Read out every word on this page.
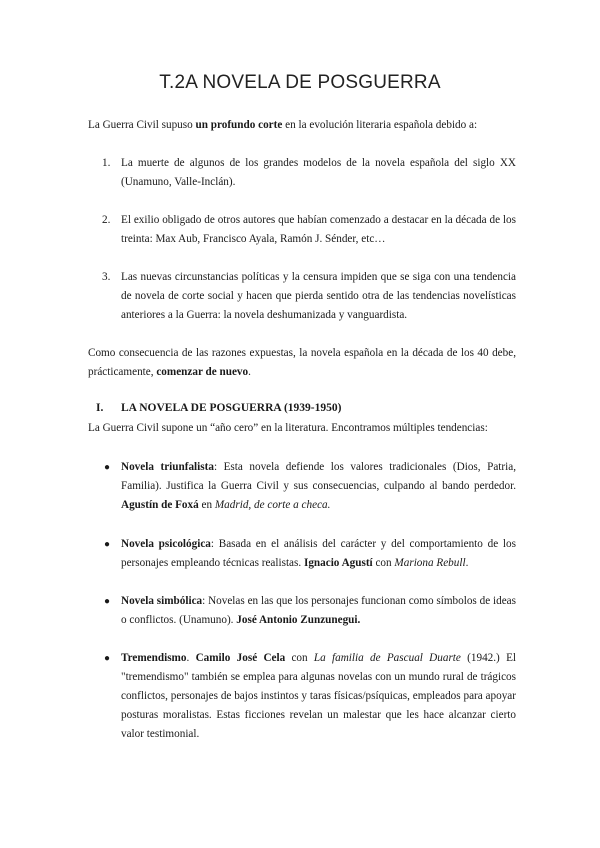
T.2A NOVELA DE POSGUERRA

La Guerra Civil supuso un profundo corte en la evolución literaria española debido a:

1. La muerte de algunos de los grandes modelos de la novela española del siglo XX (Unamuno, Valle-Inclán).
2. El exilio obligado de otros autores que habían comenzado a destacar en la década de los treinta: Max Aub, Francisco Ayala, Ramón J. Sénder, etc…
3. Las nuevas circunstancias políticas y la censura impiden que se siga con una tendencia de novela de corte social y hacen que pierda sentido otra de las tendencias novelísticas anteriores a la Guerra: la novela deshumanizada y vanguardista.

Como consecuencia de las razones expuestas, la novela española en la década de los 40 debe, prácticamente, comenzar de nuevo.

I. LA NOVELA DE POSGUERRA (1939-1950)

La Guerra Civil supone un “año cero” en la literatura. Encontramos múltiples tendencias:

● Novela triunfalista: Esta novela defiende los valores tradicionales (Dios, Patria, Familia). Justifica la Guerra Civil y sus consecuencias, culpando al bando perdedor. Agustín de Foxá en Madrid, de corte a checa.
● Novela psicológica: Basada en el análisis del carácter y del comportamiento de los personajes empleando técnicas realistas. Ignacio Agustí con Mariona Rebull.
● Novela simbólica: Novelas en las que los personajes funcionan como símbolos de ideas o conflictos. (Unamuno). José Antonio Zunzunegui.
● Tremendismo. Camilo José Cela con La familia de Pascual Duarte (1942.) El "tremendismo" también se emplea para algunas novelas con un mundo rural de trágicos conflictos, personajes de bajos instintos y taras físicas/psíquicas, empleados para apoyar posturas moralistas. Estas ficciones revelan un malestar que les hace alcanzar cierto valor testimonial.
